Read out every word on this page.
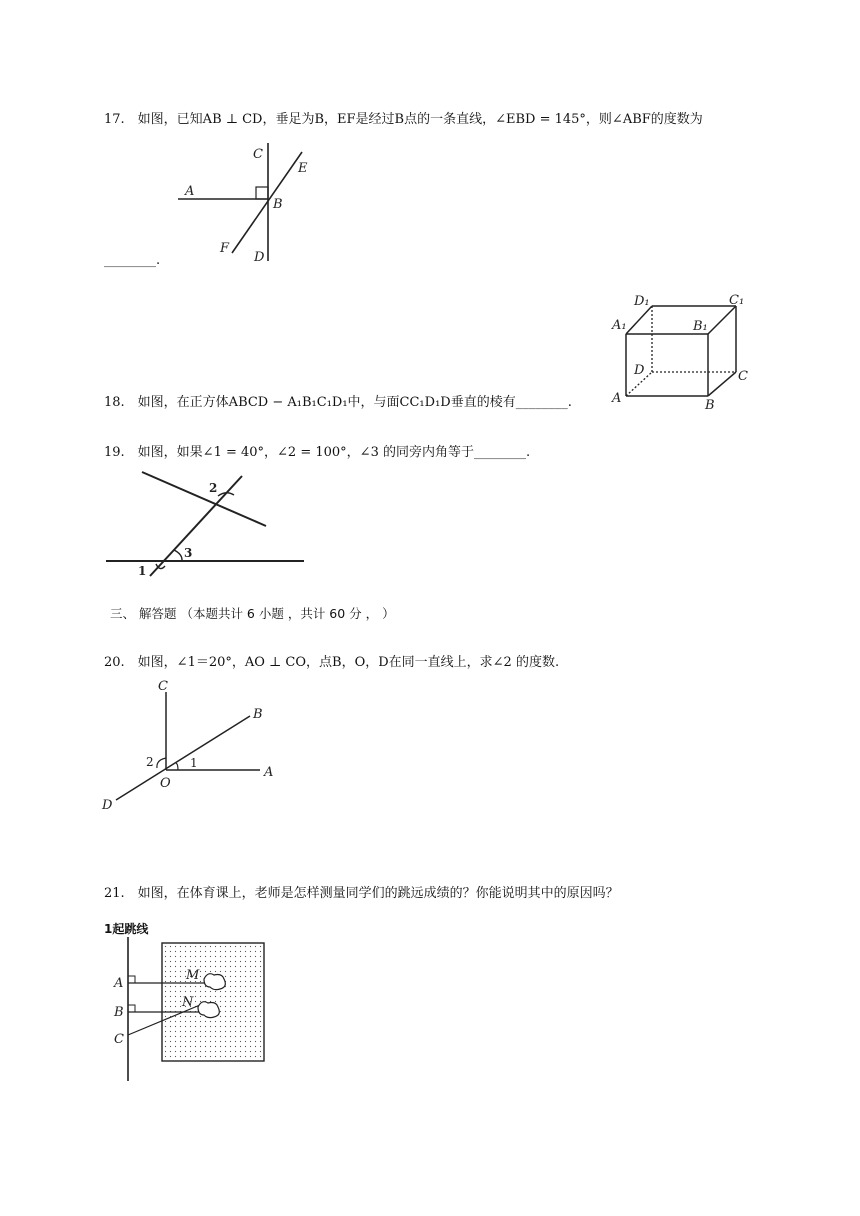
17.　如图，已知AB ⊥ CD，垂足为B，EF是经过B点的一条直线，∠EBD = 145°，则∠ABF的度数为
C
E
A
B
F
D
________.
D₁	C₁
A₁	B₁
D	C
A	B
18.　如图，在正方体ABCD − A₁B₁C₁D₁中，与面CC₁D₁D垂直的棱有________.
19.　如图，如果∠1 = 40°，∠2 = 100°，∠3 的同旁内角等于________.
2
3
1
三、 解答题 （本题共计 6 小题 ，共计 60 分 ， ）
20.　如图，∠1＝20°，AO ⊥ CO，点B，O，D在同一直线上，求∠2 的度数.
C
B
2	1
A
O
D
21.　如图，在体育课上，老师是怎样测量同学们的跳远成绩的？你能说明其中的原因吗？
1起跳线
M
N
A
B
C
